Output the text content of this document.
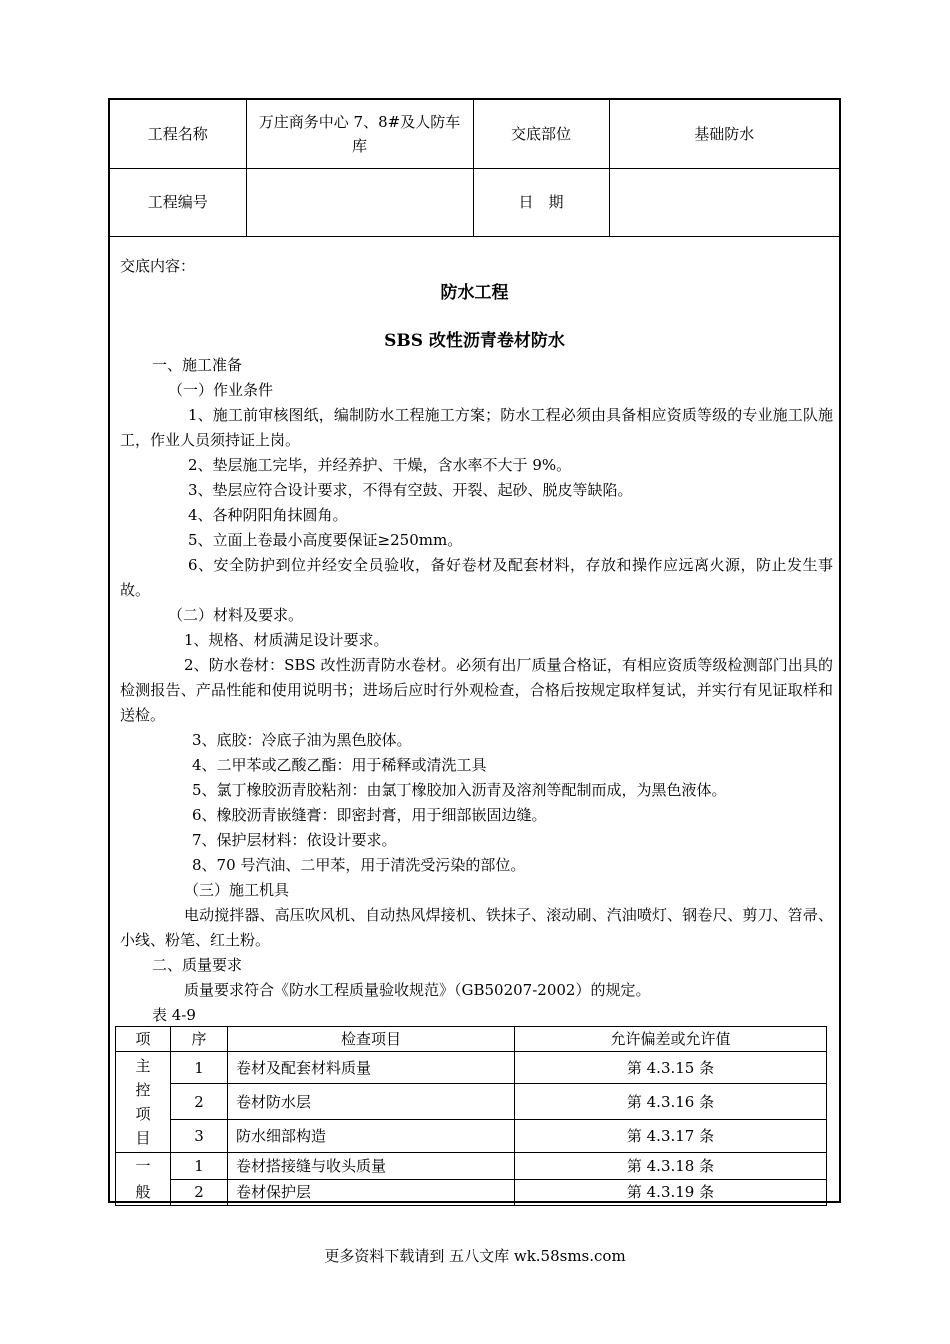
工程名称	万庄商务中心 7、8#及人防车库	交底部位	基础防水
工程编号		日　期	
交底内容：
防水工程
SBS 改性沥青卷材防水
一、施工准备
（一）作业条件
1、施工前审核图纸，编制防水工程施工方案；防水工程必须由具备相应资质等级的专业施工队施工，作业人员须持证上岗。
2、垫层施工完毕，并经养护、干燥，含水率不大于 9%。
3、垫层应符合设计要求，不得有空鼓、开裂、起砂、脱皮等缺陷。
4、各种阴阳角抹圆角。
5、立面上卷最小高度要保证≥250mm。
6、安全防护到位并经安全员验收，备好卷材及配套材料，存放和操作应远离火源，防止发生事故。
（二）材料及要求。
1、规格、材质满足设计要求。
2、防水卷材：SBS 改性沥青防水卷材。必须有出厂质量合格证，有相应资质等级检测部门出具的检测报告、产品性能和使用说明书；进场后应时行外观检查，合格后按规定取样复试，并实行有见证取样和送检。
3、底胶：冷底子油为黑色胶体。
4、二甲苯或乙酸乙酯：用于稀释或清洗工具
5、氯丁橡胶沥青胶粘剂：由氯丁橡胶加入沥青及溶剂等配制而成，为黑色液体。
6、橡胶沥青嵌缝膏：即密封膏，用于细部嵌固边缝。
7、保护层材料：依设计要求。
8、70 号汽油、二甲苯，用于清洗受污染的部位。
（三）施工机具
电动搅拌器、高压吹风机、自动热风焊接机、铁抹子、滚动刷、汽油喷灯、钢卷尺、剪刀、笤帚、小线、粉笔、红土粉。
二、质量要求
质量要求符合《防水工程质量验收规范》（GB50207-2002）的规定。
表 4-9
项	序	检查项目	允许偏差或允许值

主控项目	1	卷材及配套材料质量	第 4.3.15 条
	2	卷材防水层	第 4.3.16 条
	3	防水细部构造	第 4.3.17 条

一般	1	卷材搭接缝与收头质量	第 4.3.18 条
	2	卷材保护层	第 4.3.19 条
更多资料下载请到 五八文库 wk.58sms.com
